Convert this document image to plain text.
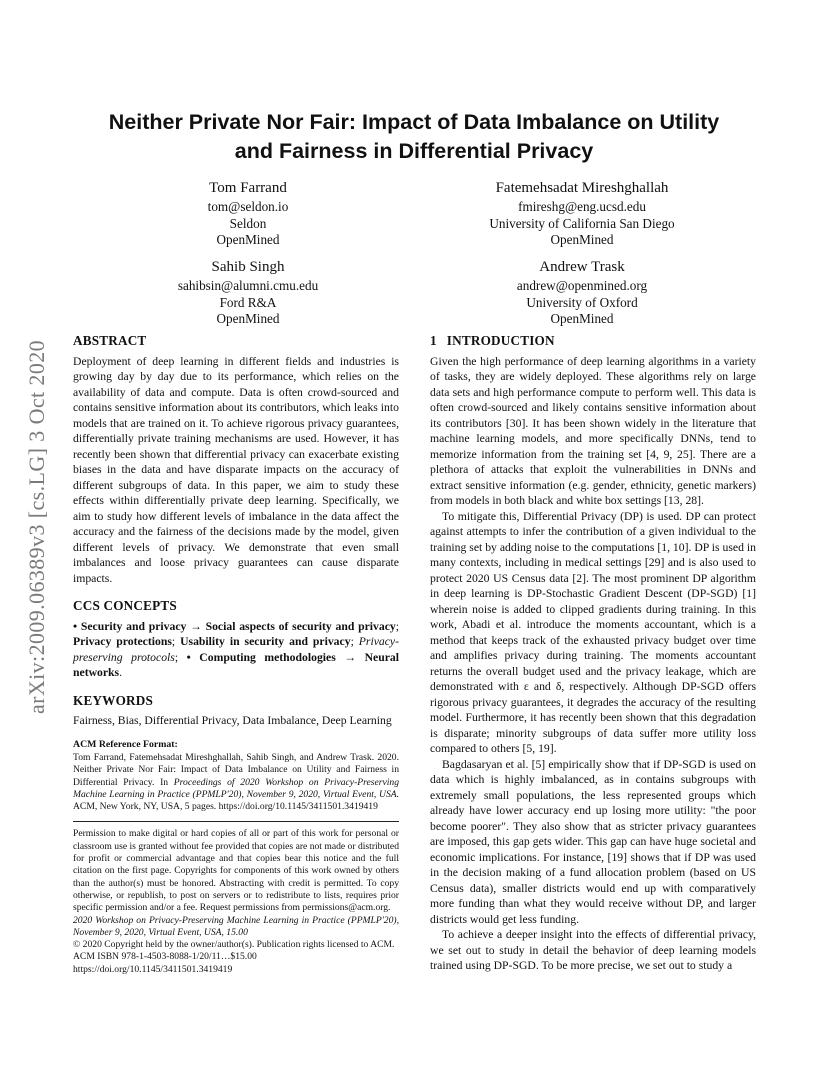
arXiv:2009.06389v3 [cs.LG] 3 Oct 2020
Neither Private Nor Fair: Impact of Data Imbalance on Utility
and Fairness in Differential Privacy
Tom Farrand
tom@seldon.io
Seldon
OpenMined
Fatemehsadat Mireshghallah
fmireshg@eng.ucsd.edu
University of California San Diego
OpenMined
Sahib Singh
sahibsin@alumni.cmu.edu
Ford R&A
OpenMined
Andrew Trask
andrew@openmined.org
University of Oxford
OpenMined
ABSTRACT

Deployment of deep learning in different fields and industries is growing day by day due to its performance, which relies on the availability of data and compute. Data is often crowd-sourced and contains sensitive information about its contributors, which leaks into models that are trained on it. To achieve rigorous privacy guarantees, differentially private training mechanisms are used. However, it has recently been shown that differential privacy can exacerbate existing biases in the data and have disparate impacts on the accuracy of different subgroups of data. In this paper, we aim to study these effects within differentially private deep learning. Specifically, we aim to study how different levels of imbalance in the data affect the accuracy and the fairness of the decisions made by the model, given different levels of privacy. We demonstrate that even small imbalances and loose privacy guarantees can cause disparate impacts.

CCS CONCEPTS

• Security and privacy → Social aspects of security and privacy; Privacy protections; Usability in security and privacy; Privacy-preserving protocols; • Computing methodologies → Neural networks.

KEYWORDS

Fairness, Bias, Differential Privacy, Data Imbalance, Deep Learning

ACM Reference Format:

Tom Farrand, Fatemehsadat Mireshghallah, Sahib Singh, and Andrew Trask. 2020. Neither Private Nor Fair: Impact of Data Imbalance on Utility and Fairness in Differential Privacy. In Proceedings of 2020 Workshop on Privacy-Preserving Machine Learning in Practice (PPMLP'20), November 9, 2020, Virtual Event, USA. ACM, New York, NY, USA, 5 pages. https://doi.org/10.1145/3411501.3419419

Permission to make digital or hard copies of all or part of this work for personal or classroom use is granted without fee provided that copies are not made or distributed for profit or commercial advantage and that copies bear this notice and the full citation on the first page. Copyrights for components of this work owned by others than the author(s) must be honored. Abstracting with credit is permitted. To copy otherwise, or republish, to post on servers or to redistribute to lists, requires prior specific permission and/or a fee. Request permissions from permissions@acm.org.

2020 Workshop on Privacy-Preserving Machine Learning in Practice (PPMLP'20), November 9, 2020, Virtual Event, USA, 15.00

© 2020 Copyright held by the owner/author(s). Publication rights licensed to ACM.

ACM ISBN 978-1-4503-8088-1/20/11…$15.00

https://doi.org/10.1145/3411501.3419419

1 INTRODUCTION

Given the high performance of deep learning algorithms in a variety of tasks, they are widely deployed. These algorithms rely on large data sets and high performance compute to perform well. This data is often crowd-sourced and likely contains sensitive information about its contributors [30]. It has been shown widely in the literature that machine learning models, and more specifically DNNs, tend to memorize information from the training set [4, 9, 25]. There are a plethora of attacks that exploit the vulnerabilities in DNNs and extract sensitive information (e.g. gender, ethnicity, genetic markers) from models in both black and white box settings [13, 28].

To mitigate this, Differential Privacy (DP) is used. DP can protect against attempts to infer the contribution of a given individual to the training set by adding noise to the computations [1, 10]. DP is used in many contexts, including in medical settings [29] and is also used to protect 2020 US Census data [2]. The most prominent DP algorithm in deep learning is DP-Stochastic Gradient Descent (DP-SGD) [1] wherein noise is added to clipped gradients during training. In this work, Abadi et al. introduce the moments accountant, which is a method that keeps track of the exhausted privacy budget over time and amplifies privacy during training. The moments accountant returns the overall budget used and the privacy leakage, which are demonstrated with ε and δ, respectively. Although DP-SGD offers rigorous privacy guarantees, it degrades the accuracy of the resulting model. Furthermore, it has recently been shown that this degradation is disparate; minority subgroups of data suffer more utility loss compared to others [5, 19].

Bagdasaryan et al. [5] empirically show that if DP-SGD is used on data which is highly imbalanced, as in contains subgroups with extremely small populations, the less represented groups which already have lower accuracy end up losing more utility: "the poor become poorer". They also show that as stricter privacy guarantees are imposed, this gap gets wider. This gap can have huge societal and economic implications. For instance, [19] shows that if DP was used in the decision making of a fund allocation problem (based on US Census data), smaller districts would end up with comparatively more funding than what they would receive without DP, and larger districts would get less funding.

To achieve a deeper insight into the effects of differential privacy, we set out to study in detail the behavior of deep learning models trained using DP-SGD. To be more precise, we set out to study a
